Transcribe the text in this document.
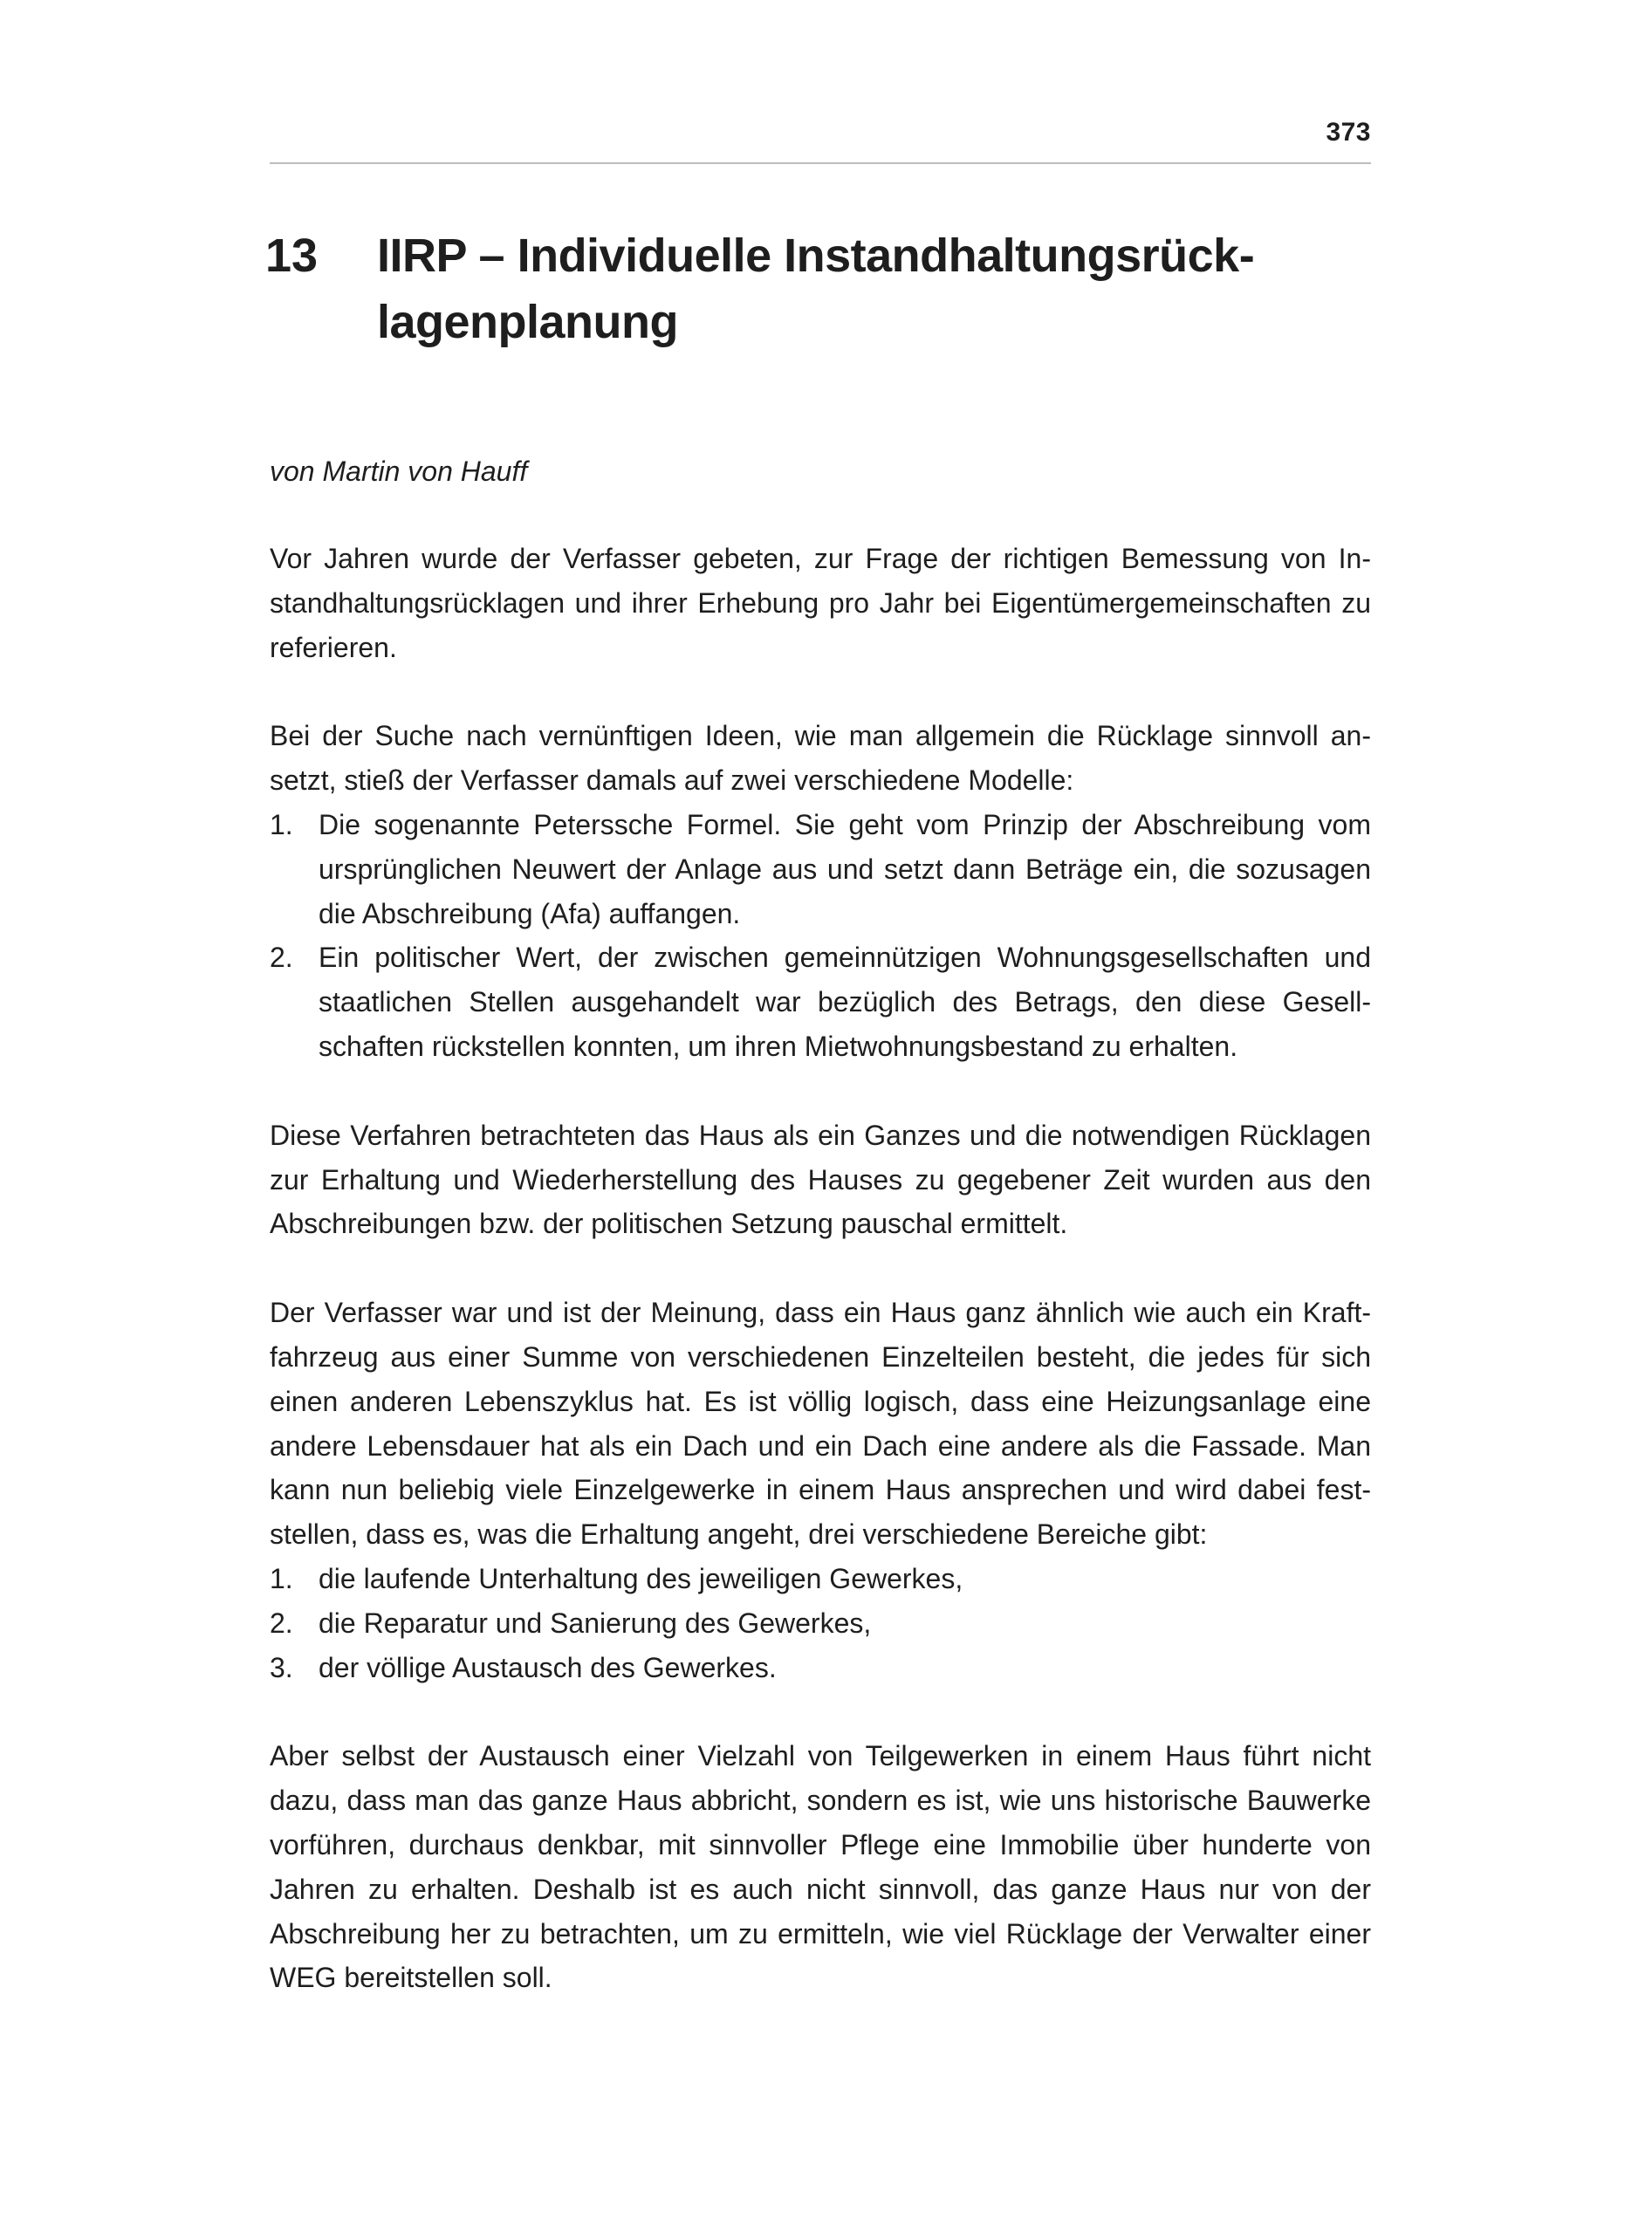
373
13	IIRP – Individuelle Instandhaltungsrück-lagenplanung
von Martin von Hauff

Vor Jahren wurde der Verfasser gebeten, zur Frage der richtigen Bemessung von Instandhaltungsrücklagen und ihrer Erhebung pro Jahr bei Eigentümergemeinschaften zu referieren.

Bei der Suche nach vernünftigen Ideen, wie man allgemein die Rücklage sinnvoll ansetzt, stieß der Verfasser damals auf zwei verschiedene Modelle:

1. Die sogenannte Peterssche Formel. Sie geht vom Prinzip der Abschreibung vom ursprünglichen Neuwert der Anlage aus und setzt dann Beträge ein, die sozusagen die Abschreibung (Afa) auffangen.
2. Ein politischer Wert, der zwischen gemeinnützigen Wohnungsgesellschaften und staatlichen Stellen ausgehandelt war bezüglich des Betrags, den diese Gesellschaften rückstellen konnten, um ihren Mietwohnungsbestand zu erhalten.

Diese Verfahren betrachteten das Haus als ein Ganzes und die notwendigen Rücklagen zur Erhaltung und Wiederherstellung des Hauses zu gegebener Zeit wurden aus den Abschreibungen bzw. der politischen Setzung pauschal ermittelt.

Der Verfasser war und ist der Meinung, dass ein Haus ganz ähnlich wie auch ein Kraftfahrzeug aus einer Summe von verschiedenen Einzelteilen besteht, die jedes für sich einen anderen Lebenszyklus hat. Es ist völlig logisch, dass eine Heizungsanlage eine andere Lebensdauer hat als ein Dach und ein Dach eine andere als die Fassade. Man kann nun beliebig viele Einzelgewerke in einem Haus ansprechen und wird dabei feststellen, dass es, was die Erhaltung angeht, drei verschiedene Bereiche gibt:

1. die laufende Unterhaltung des jeweiligen Gewerkes,
2. die Reparatur und Sanierung des Gewerkes,
3. der völlige Austausch des Gewerkes.

Aber selbst der Austausch einer Vielzahl von Teilgewerken in einem Haus führt nicht dazu, dass man das ganze Haus abbricht, sondern es ist, wie uns historische Bauwerke vorführen, durchaus denkbar, mit sinnvoller Pflege eine Immobilie über hunderte von Jahren zu erhalten. Deshalb ist es auch nicht sinnvoll, das ganze Haus nur von der Abschreibung her zu betrachten, um zu ermitteln, wie viel Rücklage der Verwalter einer WEG bereitstellen soll.
